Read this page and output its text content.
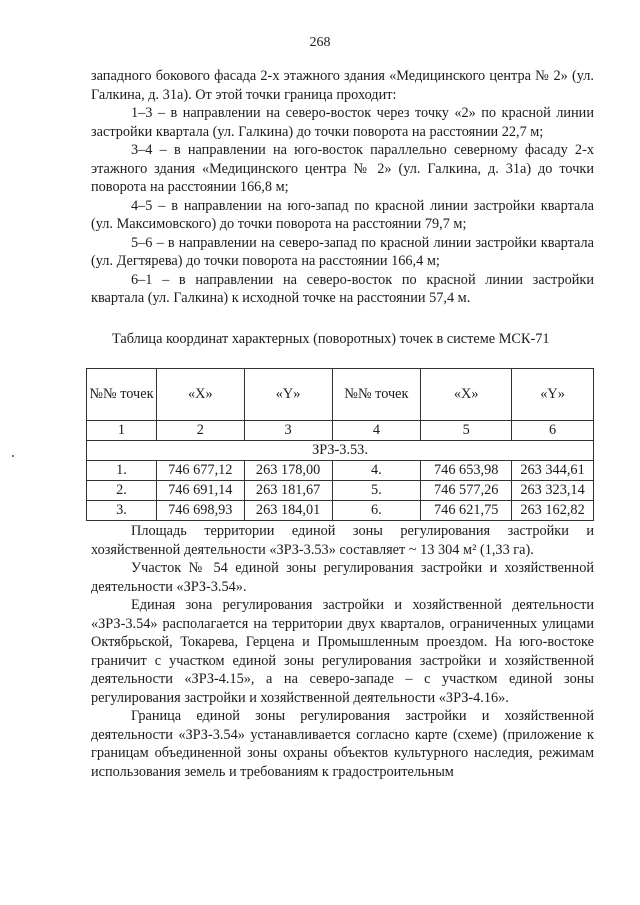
268

западного бокового фасада 2-х этажного здания «Медицинского центра № 2» (ул. Галкина, д. 31а). От этой точки граница проходит:

1–3 – в направлении на северо-восток через точку «2» по красной линии застройки квартала (ул. Галкина) до точки поворота на расстоянии 22,7 м;

3–4 – в направлении на юго-восток параллельно северному фасаду 2-х этажного здания «Медицинского центра № 2» (ул. Галкина, д. 31а) до точки поворота на расстоянии 166,8 м;

4–5 – в направлении на юго-запад по красной линии застройки квартала (ул. Максимовского) до точки поворота на расстоянии 79,7 м;

5–6 – в направлении на северо-запад по красной линии застройки квартала (ул. Дегтярева) до точки поворота на расстоянии 166,4 м;

6–1 – в направлении на северо-восток по красной линии застройки квартала (ул. Галкина) к исходной точке на расстоянии 57,4 м.

Таблица координат характерных (поворотных) точек в системе МСК-71
№№ точек	«X»	«Y»	№№ точек	«X»	«Y»
1	2	3	4	5	6
ЗРЗ-3.53.					
1.	746 677,12	263 178,00	4.	746 653,98	263 344,61
2.	746 691,14	263 181,67	5.	746 577,26	263 323,14
3.	746 698,93	263 184,01	6.	746 621,75	263 162,82

Площадь территории единой зоны регулирования застройки и хозяйственной деятельности «ЗРЗ-3.53» составляет ~ 13 304 м² (1,33 га).

Участок № 54 единой зоны регулирования застройки и хозяйственной деятельности «ЗРЗ-3.54».

Единая зона регулирования застройки и хозяйственной деятельности «ЗРЗ-3.54» располагается на территории двух кварталов, ограниченных улицами Октябрьской, Токарева, Герцена и Промышленным проездом. На юго-востоке граничит с участком единой зоны регулирования застройки и хозяйственной деятельности «ЗРЗ-4.15», а на северо-западе – с участком единой зоны регулирования застройки и хозяйственной деятельности «ЗРЗ-4.16».

Граница единой зоны регулирования застройки и хозяйственной деятельности «ЗРЗ-3.54» устанавливается согласно карте (схеме) (приложение к границам объединенной зоны охраны объектов культурного наследия, режимам использования земель и требованиям к градостроительным
